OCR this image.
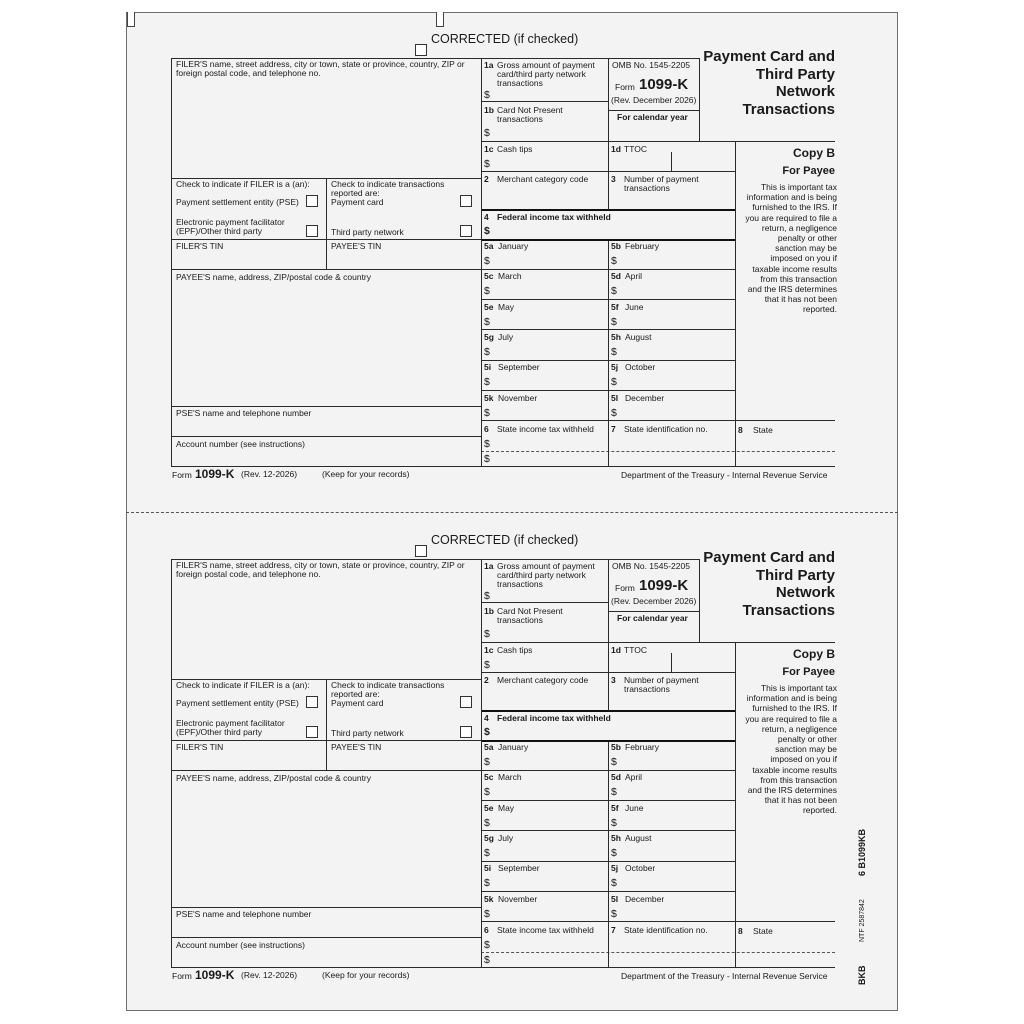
CORRECTED (if checked)
FILER'S name, street address, city or town, state or province, country, ZIP or foreign postal code, and telephone no.
1a Gross amount of payment card/third party network transactions
$
1b Card Not Present transactions
$
OMB No. 1545-2205
Form 1099-K
(Rev. December 2026)
For calendar year
Payment Card and
Third Party
Network
Transactions
Copy B
For Payee
This is important tax information and is being furnished to the IRS. If you are required to file a return, a negligence penalty or other sanction may be imposed on you if taxable income results from this transaction and the IRS determines that it has not been reported.
1c Cash tips
$
1d TTOC
2 Merchant category code	3 Number of payment transactions
4 Federal income tax withheld
$
Check to indicate if FILER is a (an):
Payment settlement entity (PSE)
Electronic payment facilitator (EPF)/Other third party
Check to indicate transactions reported are:
Payment card
Third party network
FILER'S TIN	PAYEE'S TIN
PAYEE'S name, address, ZIP/postal code & country
PSE'S name and telephone number
Account number (see instructions)
5a January
$
5b February
$
5c March
$
5d April
$
5e May
$
5f June
$
5g July
$
5h August
$
5i September
$
5j October
$
5k November
$
5l December
$
6 State income tax withheld
$
$
7 State identification no.	8 State
Form 1099-K (Rev. 12-2026)	(Keep for your records)	Department of the Treasury - Internal Revenue Service
CORRECTED (if checked)
FILER'S name, street address, city or town, state or province, country, ZIP or foreign postal code, and telephone no.
1a Gross amount of payment card/third party network transactions
$
1b Card Not Present transactions
$
OMB No. 1545-2205
Form 1099-K
(Rev. December 2026)
For calendar year
Payment Card and
Third Party
Network
Transactions
Copy B
For Payee
This is important tax information and is being furnished to the IRS. If you are required to file a return, a negligence penalty or other sanction may be imposed on you if taxable income results from this transaction and the IRS determines that it has not been reported.
1c Cash tips
$
1d TTOC
2 Merchant category code	3 Number of payment transactions
4 Federal income tax withheld
$
Check to indicate if FILER is a (an):
Payment settlement entity (PSE)
Electronic payment facilitator (EPF)/Other third party
Check to indicate transactions reported are:
Payment card
Third party network
FILER'S TIN	PAYEE'S TIN
PAYEE'S name, address, ZIP/postal code & country
PSE'S name and telephone number
Account number (see instructions)
5a January
$
5b February
$
5c March
$
5d April
$
5e May
$
5f June
$
5g July
$
5h August
$
5i September
$
5j October
$
5k November
$
5l December
$
6 State income tax withheld
$
$
7 State identification no.	8 State
Form 1099-K (Rev. 12-2026)	(Keep for your records)	Department of the Treasury - Internal Revenue Service	BKB
NTF 2587842
6 B1099KB
